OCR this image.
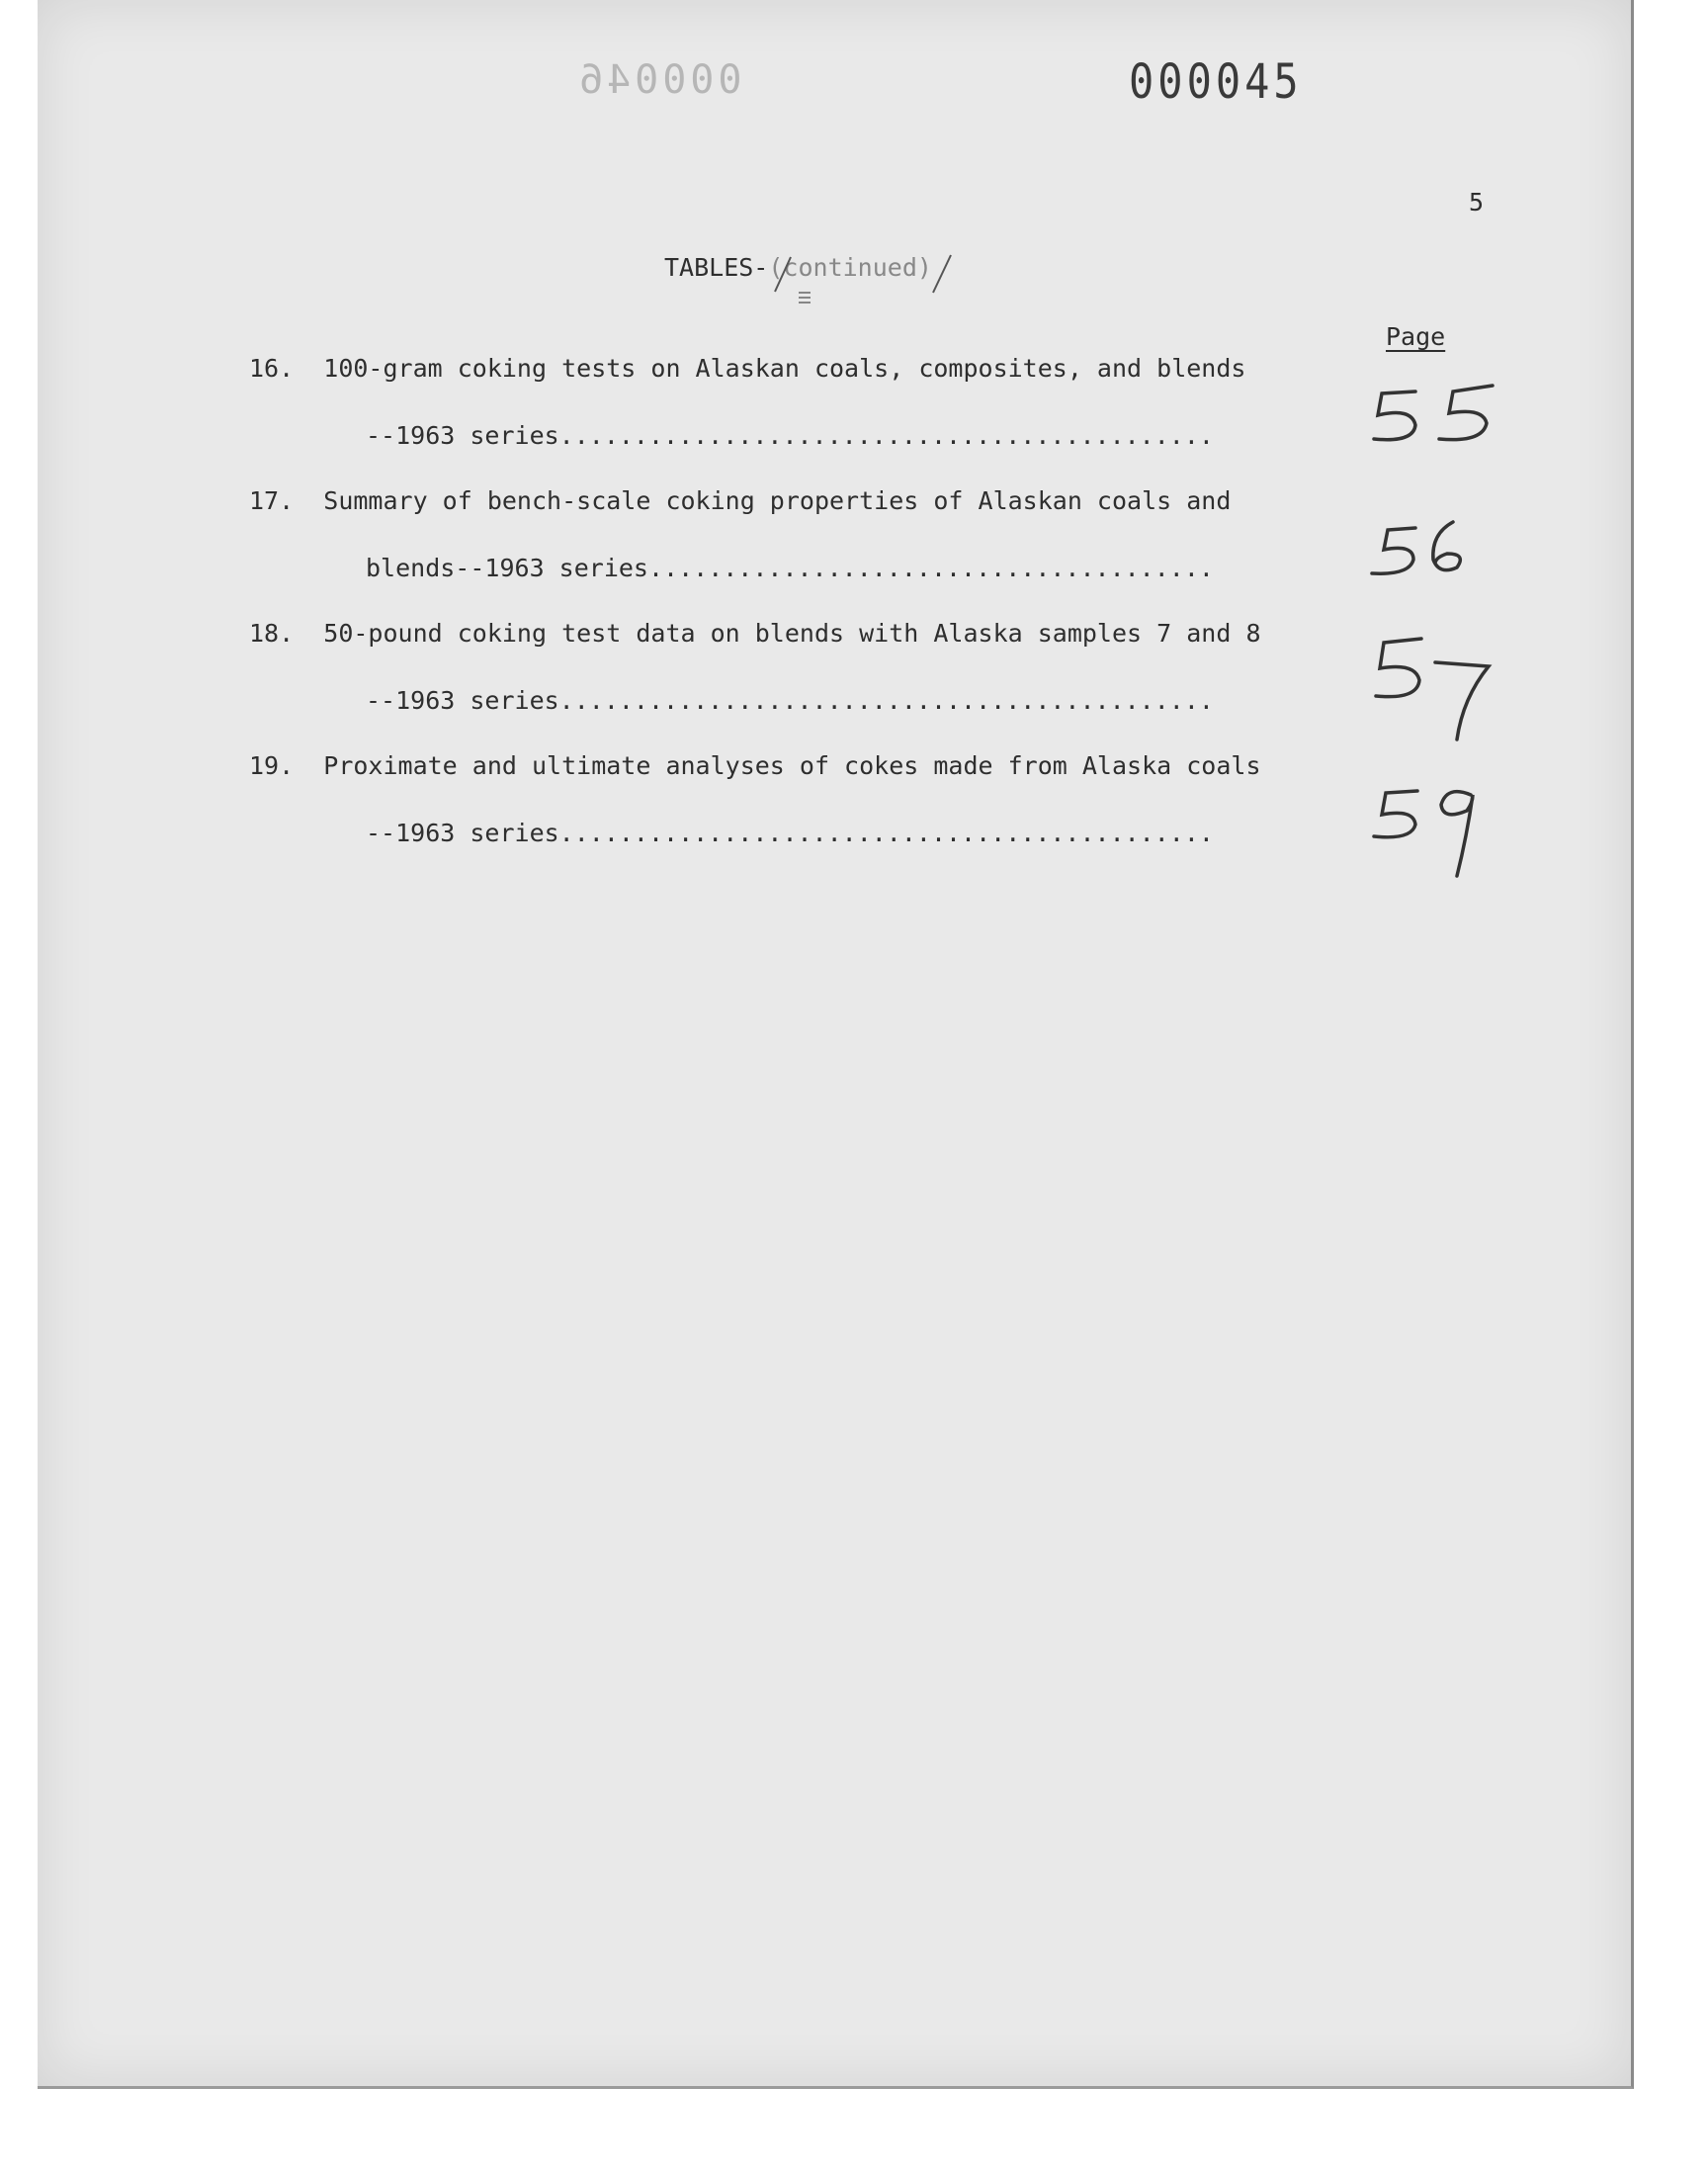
000046	000045
5
TABLES-(continued)
Page
16. 100-gram coking tests on Alaskan coals, composites, and blends
--1963 series............................................
17. Summary of bench-scale coking properties of Alaskan coals and
blends--1963 series......................................
18. 50-pound coking test data on blends with Alaska samples 7 and 8
--1963 series............................................
19. Proximate and ultimate analyses of cokes made from Alaska coals
--1963 series............................................
